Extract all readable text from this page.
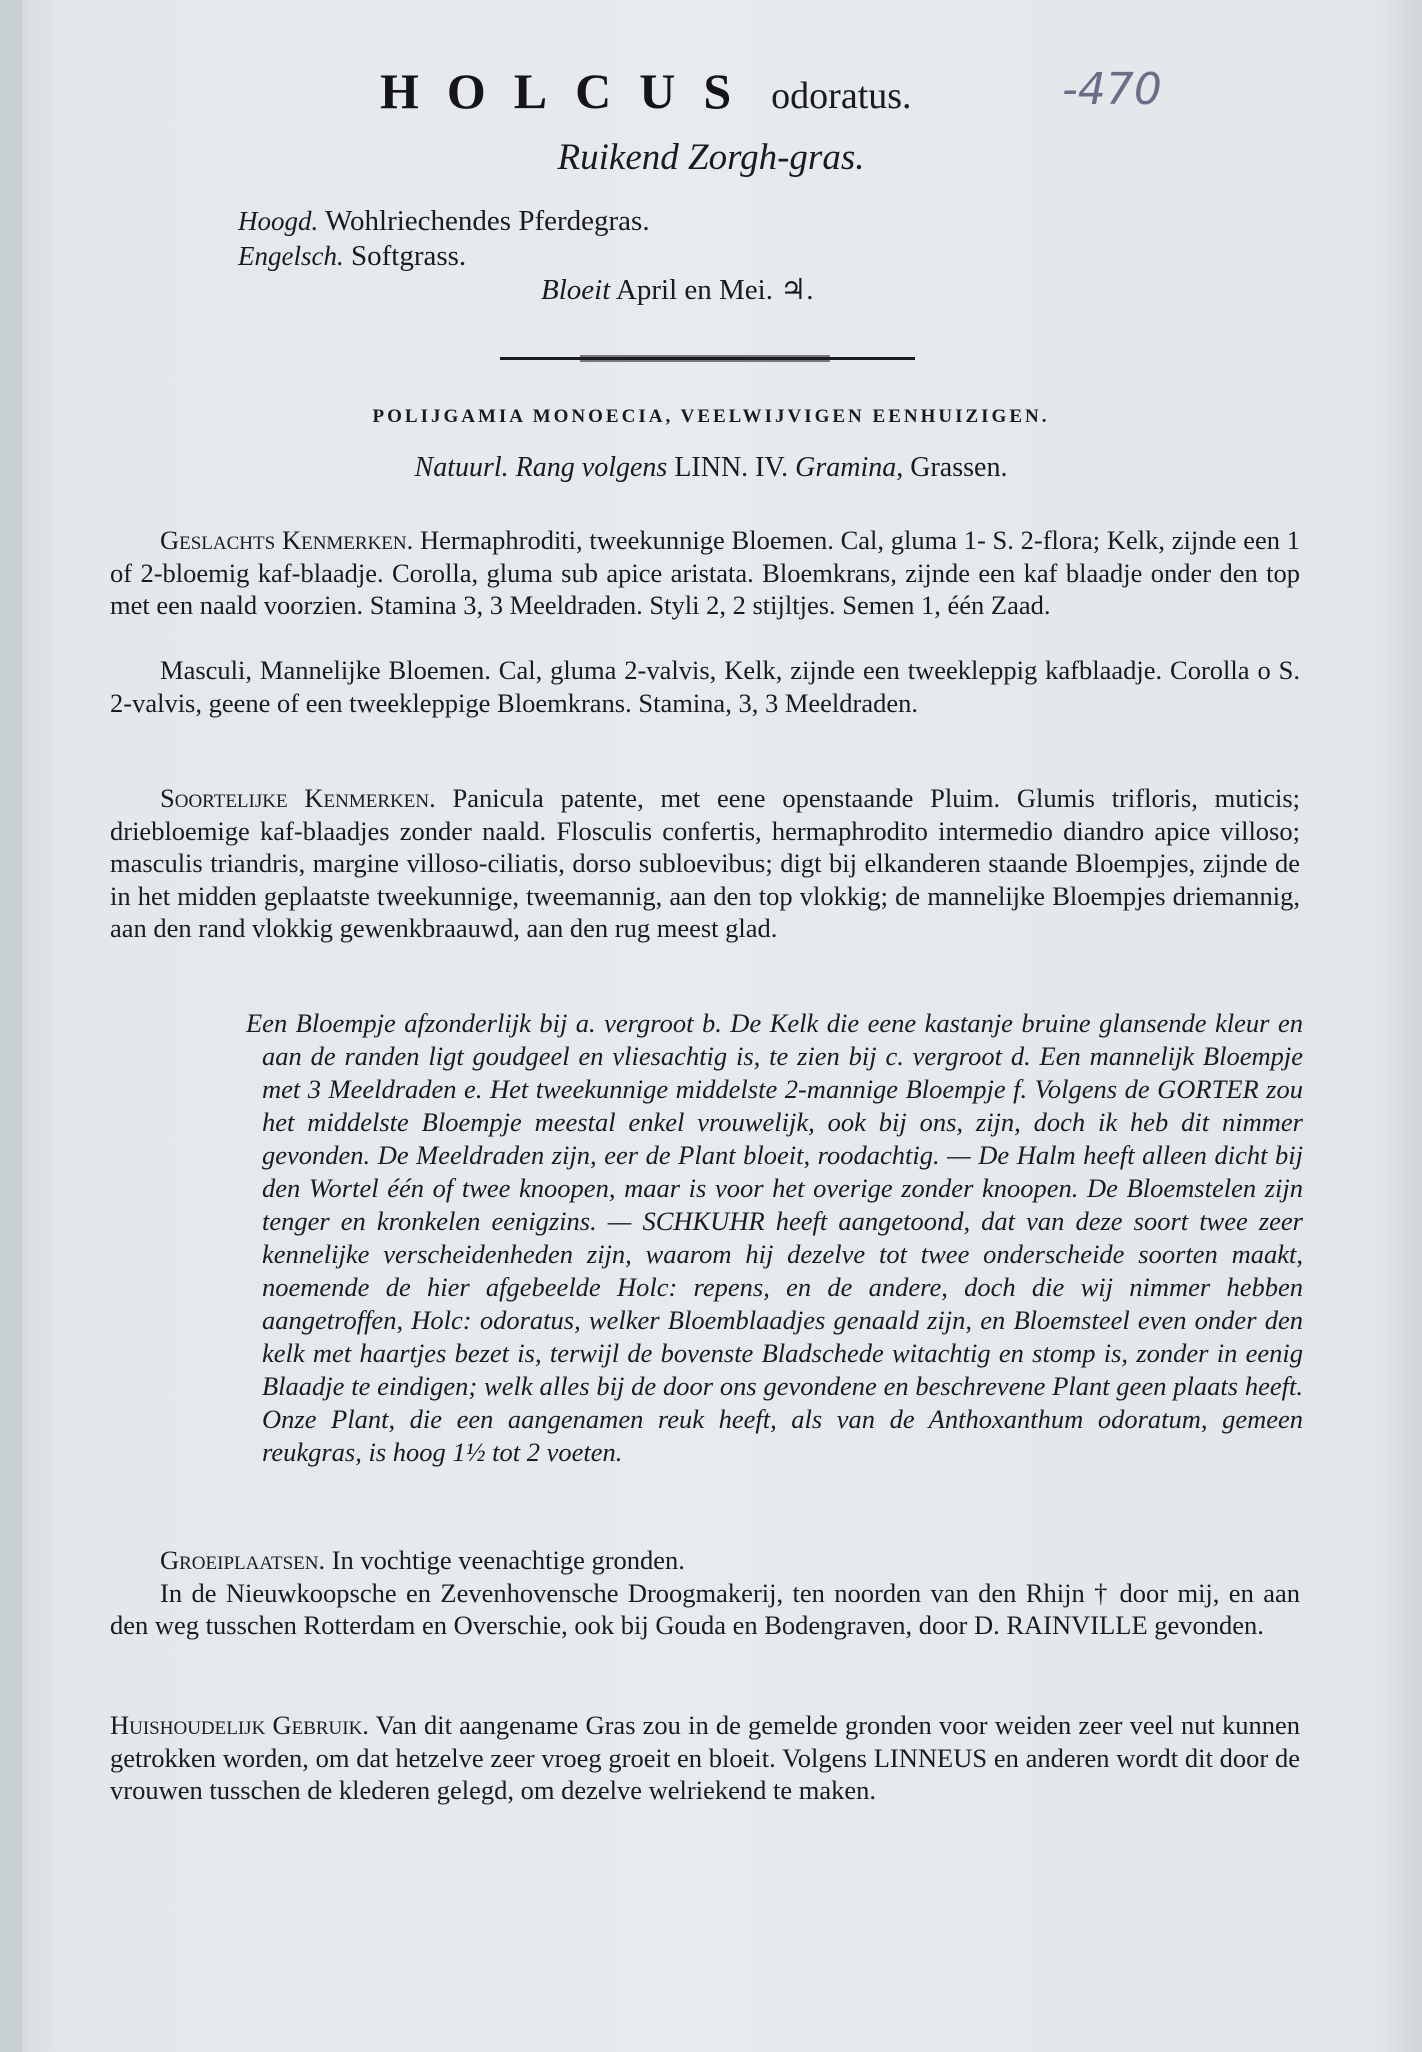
HOLCUS odoratus.	-470
Ruikend Zorgh-gras.
Hoogd. Wohlriechendes Pferdegras.
Engelsch. Softgrass.
Bloeit April en Mei. ♃.
POLIJGAMIA MONOECIA, VEELWIJVIGEN EENHUIZIGEN.
Natuurl. Rang volgens LINN. IV. Gramina, Grassen.

Geslachts Kenmerken. Hermaphroditi, tweekunnige Bloemen. Cal, gluma 1- S. 2-flora; Kelk, zijnde een 1 of 2-bloemig kaf-blaadje. Corolla, gluma sub apice aristata. Bloemkrans, zijnde een kaf blaadje onder den top met een naald voorzien. Stamina 3, 3 Meeldraden. Styli 2, 2 stijltjes. Semen 1, één Zaad.

Masculi, Mannelijke Bloemen. Cal, gluma 2-valvis, Kelk, zijnde een tweekleppig kafblaadje. Corolla o S. 2-valvis, geene of een tweekleppige Bloemkrans. Stamina, 3, 3 Meeldraden.

Soortelijke Kenmerken. Panicula patente, met eene openstaande Pluim. Glumis trifloris, muticis; driebloemige kaf-blaadjes zonder naald. Flosculis confertis, hermaphrodito intermedio diandro apice villoso; masculis triandris, margine villoso-ciliatis, dorso subloevibus; digt bij elkanderen staande Bloempjes, zijnde de in het midden geplaatste tweekunnige, tweemannig, aan den top vlokkig; de mannelijke Bloempjes driemannig, aan den rand vlokkig gewenkbraauwd, aan den rug meest glad.

Een Bloempje afzonderlijk bij a. vergroot b. De Kelk die eene kastanje bruine glansende kleur en aan de randen ligt goudgeel en vliesachtig is, te zien bij c. vergroot d. Een mannelijk Bloempje met 3 Meeldraden e. Het tweekunnige middelste 2-mannige Bloempje f. Volgens de GORTER zou het middelste Bloempje meestal enkel vrouwelijk, ook bij ons, zijn, doch ik heb dit nimmer gevonden. De Meeldraden zijn, eer de Plant bloeit, roodachtig. — De Halm heeft alleen dicht bij den Wortel één of twee knoopen, maar is voor het overige zonder knoopen. De Bloemstelen zijn tenger en kronkelen eenigzins. — SCHKUHR heeft aangetoond, dat van deze soort twee zeer kennelijke verscheidenheden zijn, waarom hij dezelve tot twee onderscheide soorten maakt, noemende de hier afgebeelde Holc: repens, en de andere, doch die wij nimmer hebben aangetroffen, Holc: odoratus, welker Bloemblaadjes genaald zijn, en Bloemsteel even onder den kelk met haartjes bezet is, terwijl de bovenste Bladschede witachtig en stomp is, zonder in eenig Blaadje te eindigen; welk alles bij de door ons gevondene en beschrevene Plant geen plaats heeft. Onze Plant, die een aangenamen reuk heeft, als van de Anthoxanthum odoratum, gemeen reukgras, is hoog 1½ tot 2 voeten.

Groeiplaatsen. In vochtige veenachtige gronden.

In de Nieuwkoopsche en Zevenhovensche Droogmakerij, ten noorden van den Rhijn † door mij, en aan den weg tusschen Rotterdam en Overschie, ook bij Gouda en Bodengraven, door D. RAINVILLE gevonden.

Huishoudelijk Gebruik. Van dit aangename Gras zou in de gemelde gronden voor weiden zeer veel nut kunnen getrokken worden, om dat hetzelve zeer vroeg groeit en bloeit. Volgens LINNEUS en anderen wordt dit door de vrouwen tusschen de klederen gelegd, om dezelve welriekend te maken.
